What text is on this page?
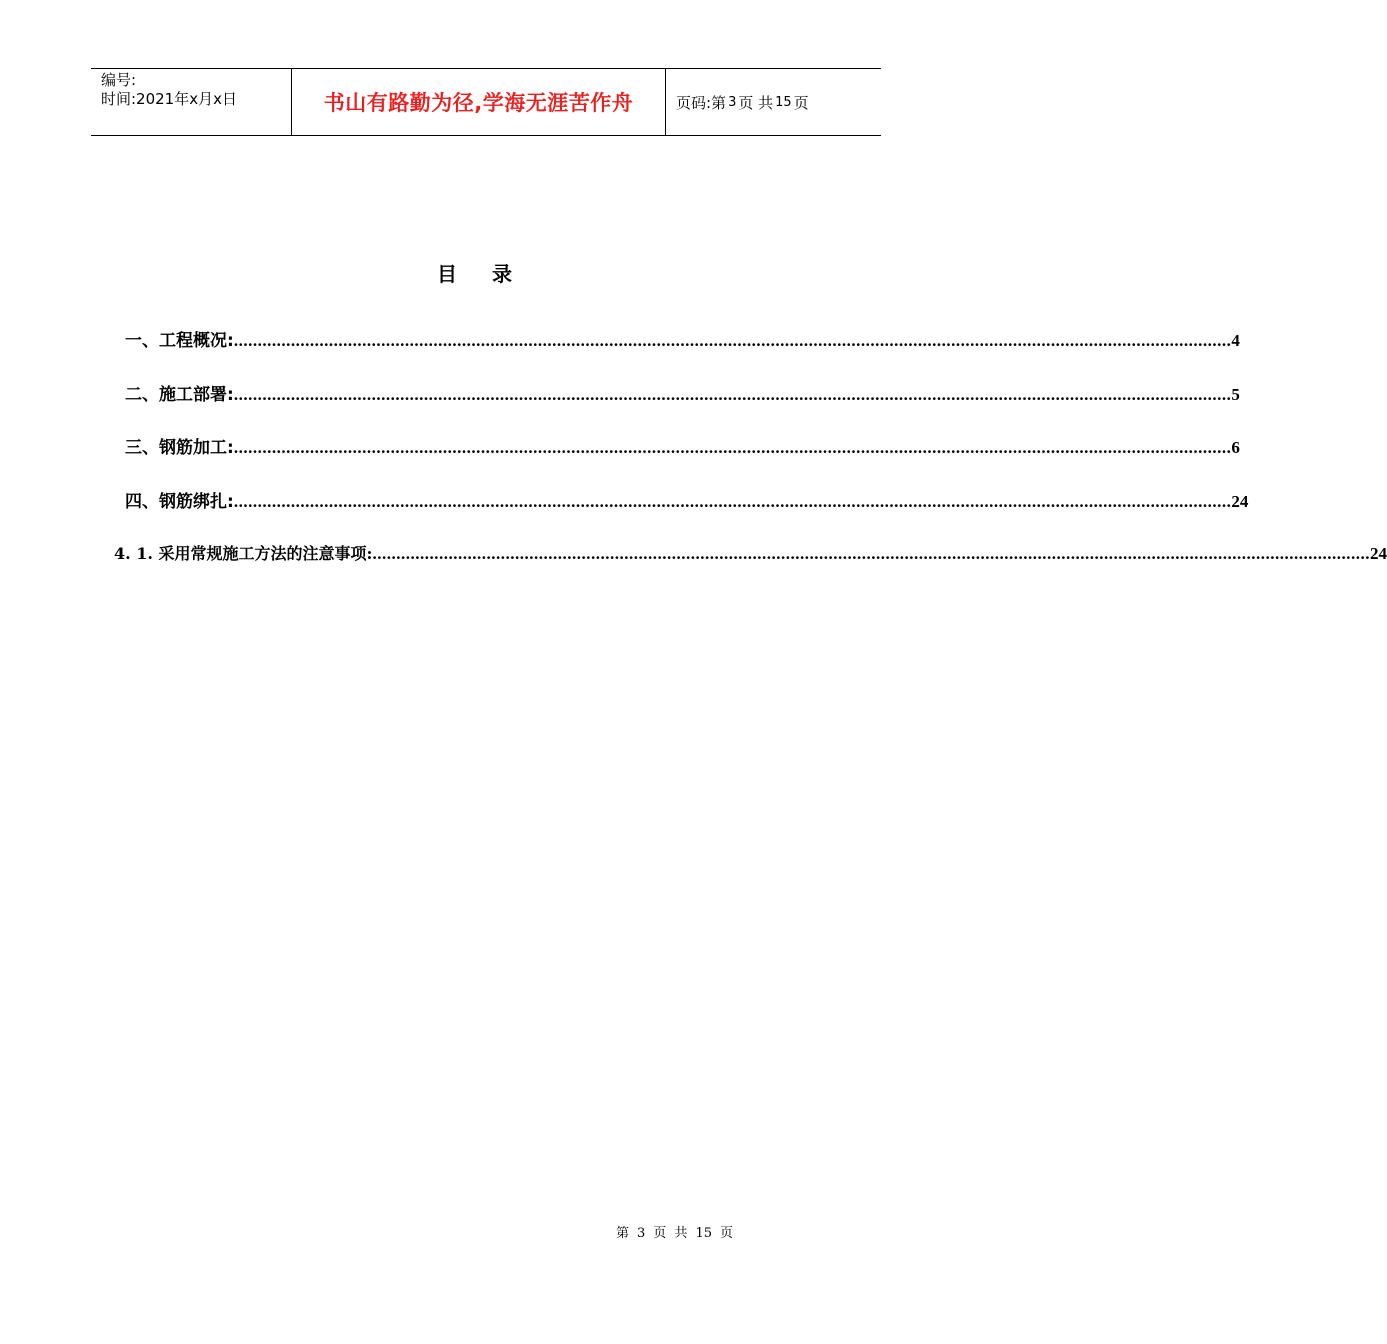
编号:
时间:2021年x月x日	书山有路勤为径,学海无涯苦作舟	页码:第 3 页 共 15 页
目 录
一、工程概况: .................................................................................................................................................................................................................. 4
二、施工部署: .................................................................................................................................................................................................................. 5
三、钢筋加工: .................................................................................................................................................................................................................. 6
四、钢筋绑扎: .................................................................................................................................................................................................................. 24
4. 1. 采用常规施工方法的注意事项: .................................................................................................................................................................................................................. 24
第 3 页 共 15 页
